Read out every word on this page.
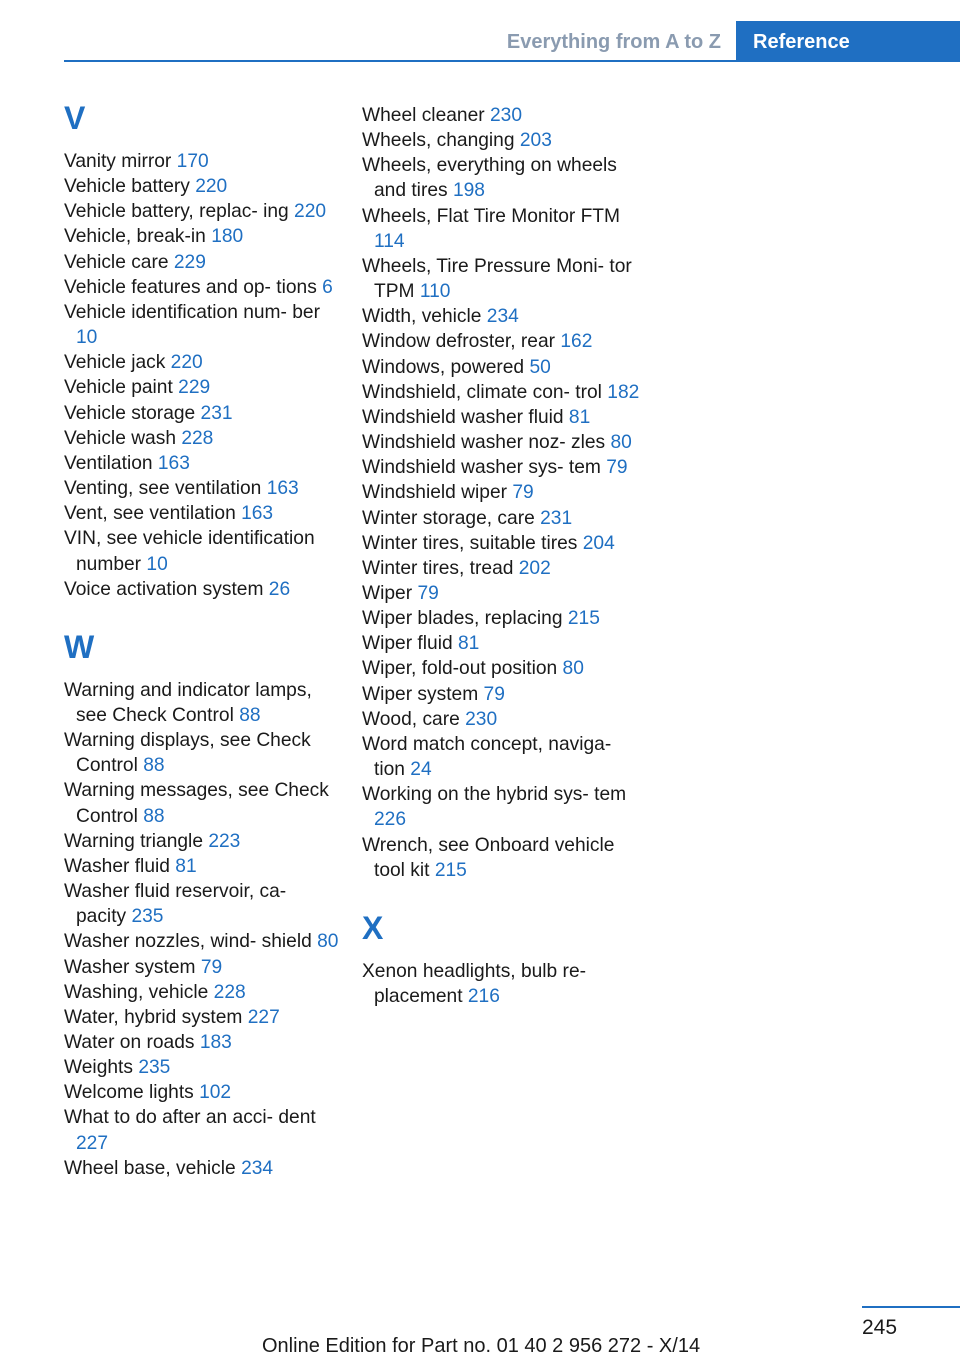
Everything from A to Z	Reference
V
Vanity mirror 170
Vehicle battery 220
Vehicle battery, replac‐ ing 220
Vehicle, break-in 180
Vehicle care 229
Vehicle features and op‐ tions 6
Vehicle identification num‐ ber 10
Vehicle jack 220
Vehicle paint 229
Vehicle storage 231
Vehicle wash 228
Ventilation 163
Venting, see ventilation 163
Vent, see ventilation 163
VIN, see vehicle identification number 10
Voice activation system 26
W
Warning and indicator lamps, see Check Control 88
Warning displays, see Check Control 88
Warning messages, see Check Control 88
Warning triangle 223
Washer fluid 81
Washer fluid reservoir, ca‐ pacity 235
Washer nozzles, wind‐ shield 80
Washer system 79
Washing, vehicle 228
Water, hybrid system 227
Water on roads 183
Weights 235
Welcome lights 102
What to do after an acci‐ dent 227
Wheel base, vehicle 234
Wheel cleaner 230
Wheels, changing 203
Wheels, everything on wheels and tires 198
Wheels, Flat Tire Monitor FTM 114
Wheels, Tire Pressure Moni‐ tor TPM 110
Width, vehicle 234
Window defroster, rear 162
Windows, powered 50
Windshield, climate con‐ trol 182
Windshield washer fluid 81
Windshield washer noz‐ zles 80
Windshield washer sys‐ tem 79
Windshield wiper 79
Winter storage, care 231
Winter tires, suitable tires 204
Winter tires, tread 202
Wiper 79
Wiper blades, replacing 215
Wiper fluid 81
Wiper, fold-out position 80
Wiper system 79
Wood, care 230
Word match concept, naviga‐ tion 24
Working on the hybrid sys‐ tem 226
Wrench, see Onboard vehicle tool kit 215
X
Xenon headlights, bulb re‐ placement 216
245
Online Edition for Part no. 01 40 2 956 272 - X/14
